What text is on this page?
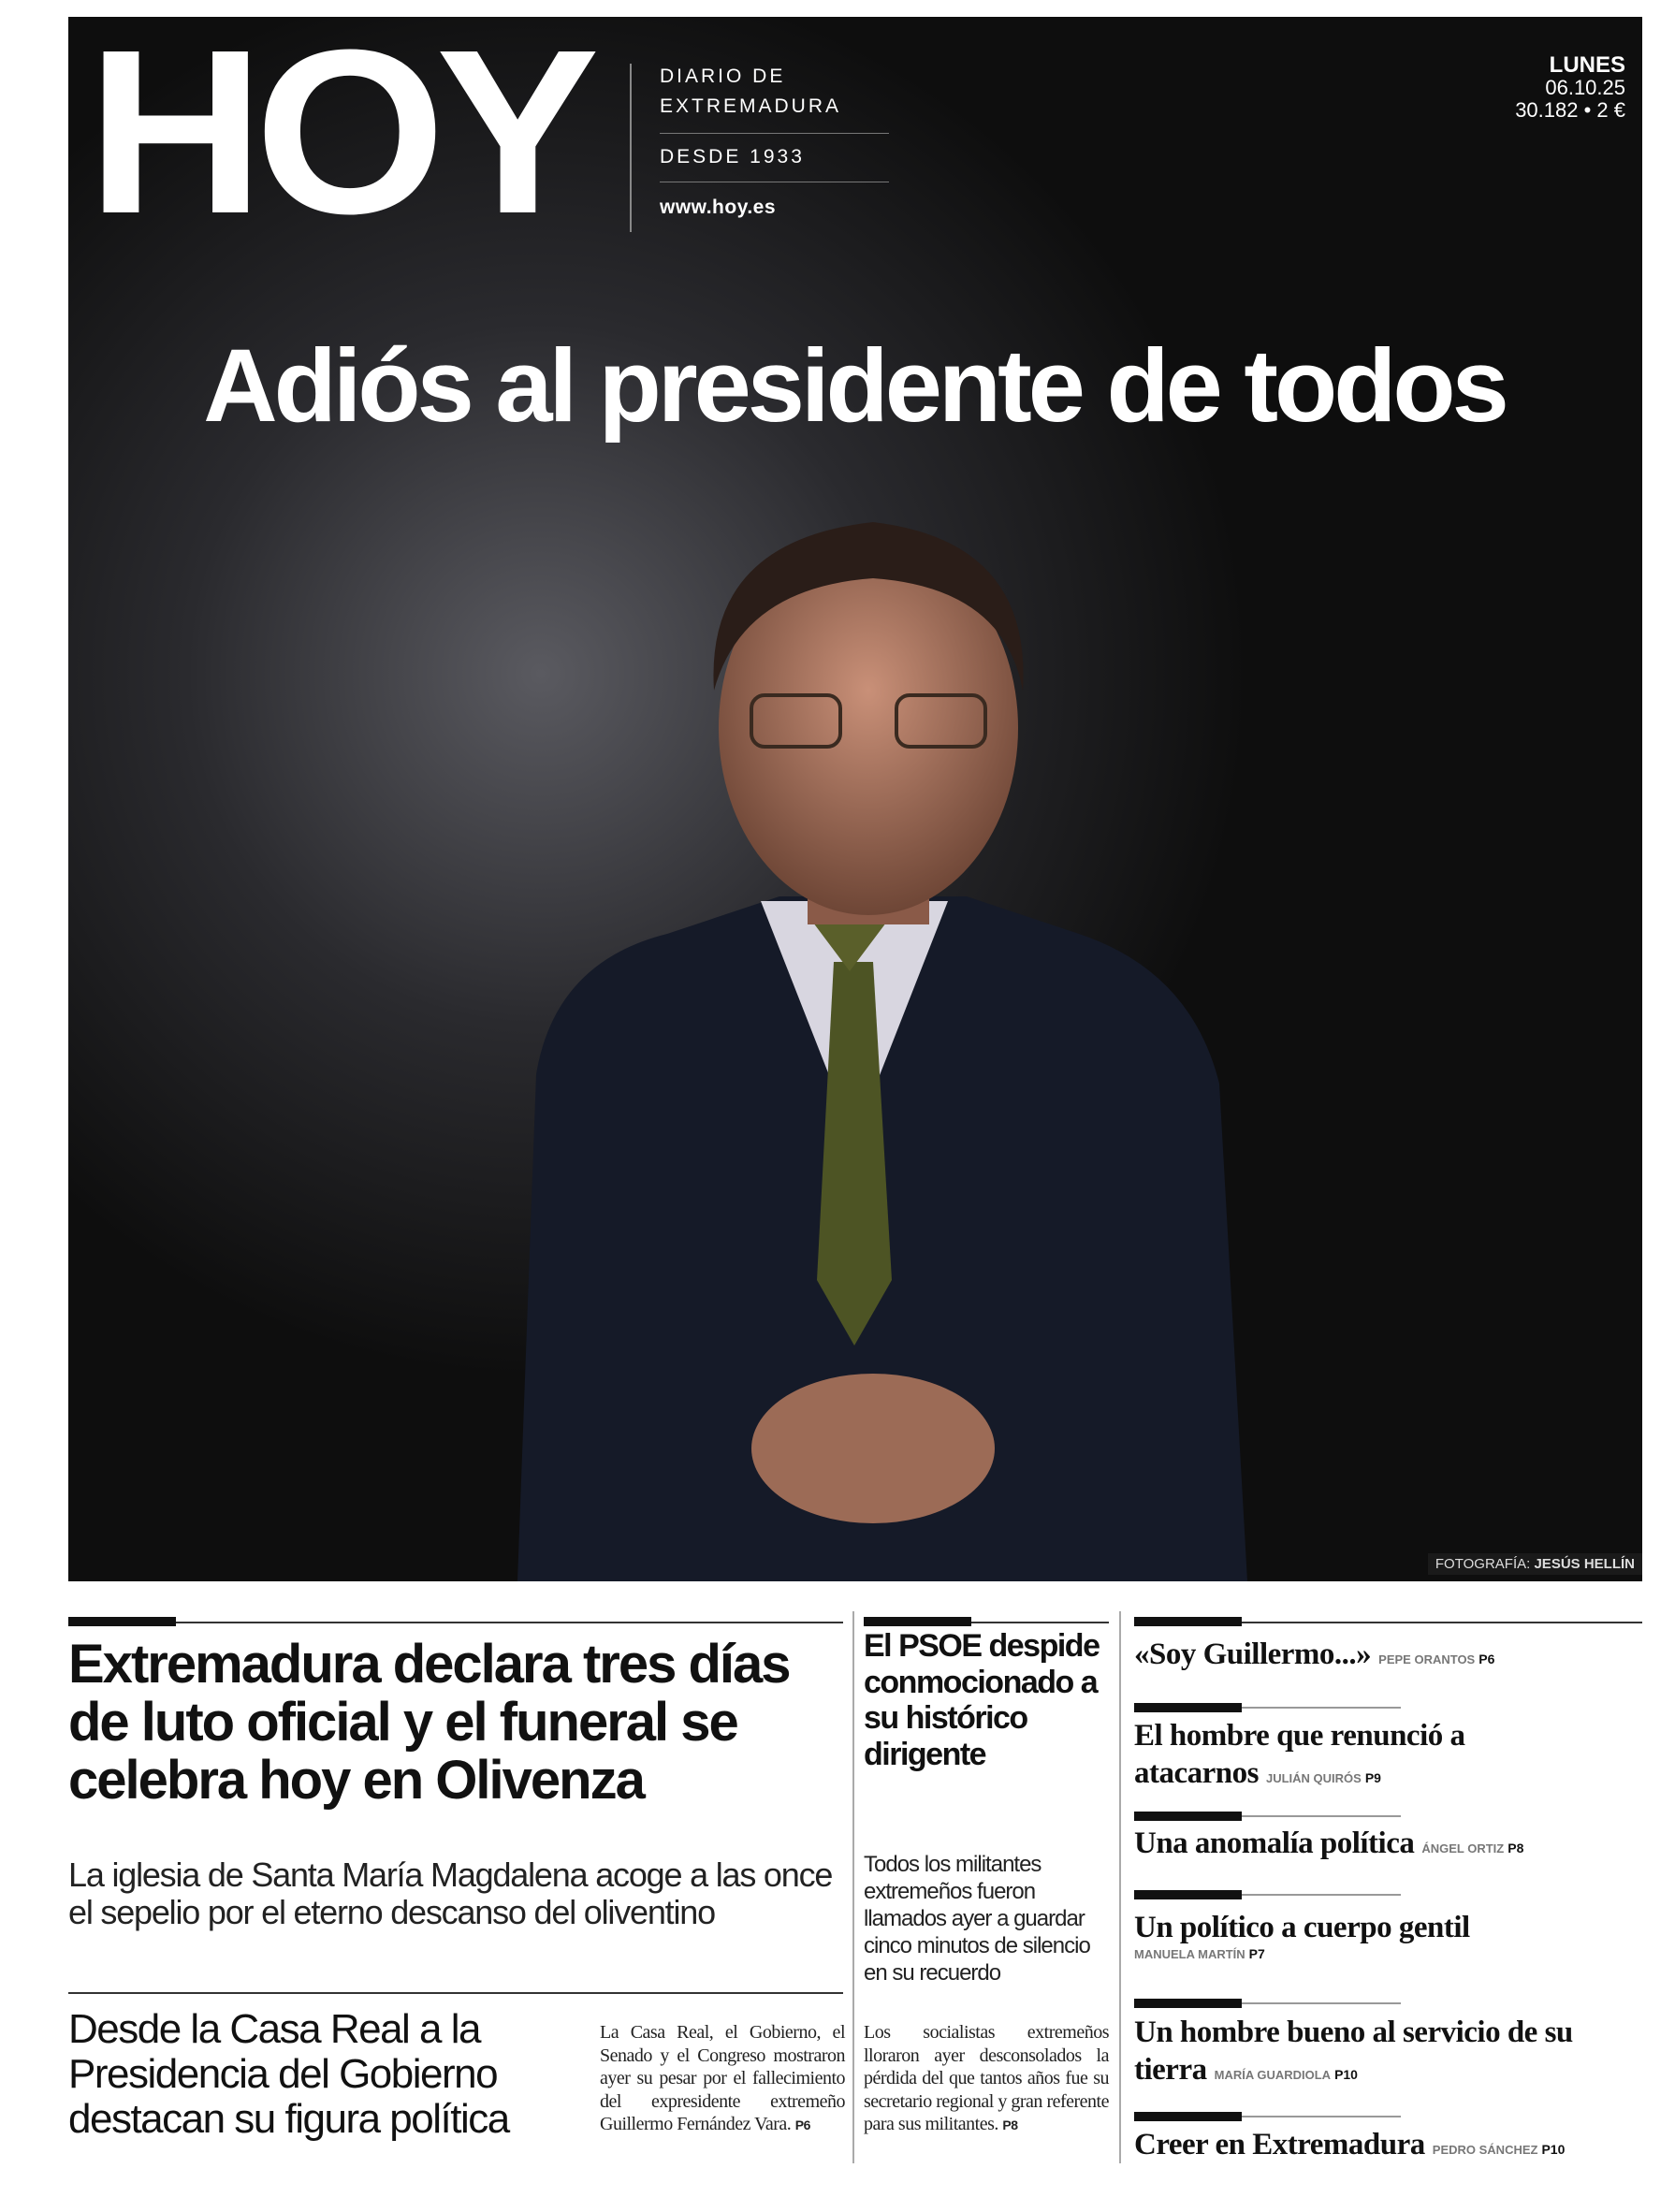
HOY	DIARIO DE
EXTREMADURA
DESDE 1933
www.hoy.es
LUNES
06.10.25
30.182 • 2 €
Adiós al presidente de todos
FOTOGRAFÍA: JESÚS HELLÍN
Extremadura declara tres días de luto oficial y el funeral se celebra hoy en Olivenza
La iglesia de Santa María Magdalena acoge a las once el sepelio por el eterno descanso del oliventino
Desde la Casa Real a la Presidencia del Gobierno destacan su figura política
La Casa Real, el Gobierno, el Senado y el Congreso mostraron ayer su pesar por el fallecimiento del expresidente extremeño Guillermo Fernández Vara. P6
El PSOE despide conmocionado a su histórico dirigente
Todos los militantes extremeños fueron llamados ayer a guardar cinco minutos de silencio en su recuerdo
Los socialistas extremeños lloraron ayer desconsolados la pérdida del que tantos años fue su secretario regional y gran referente para sus militantes. P8
«Soy Guillermo...» PEPE ORANTOS P6
El hombre que renunció a atacarnos JULIÁN QUIRÓS P9
Una anomalía política ÁNGEL ORTIZ P8
Un político a cuerpo gentil
MANUELA MARTÍN P7
Un hombre bueno al servicio de su tierra MARÍA GUARDIOLA P10
Creer en Extremadura PEDRO SÁNCHEZ P10
